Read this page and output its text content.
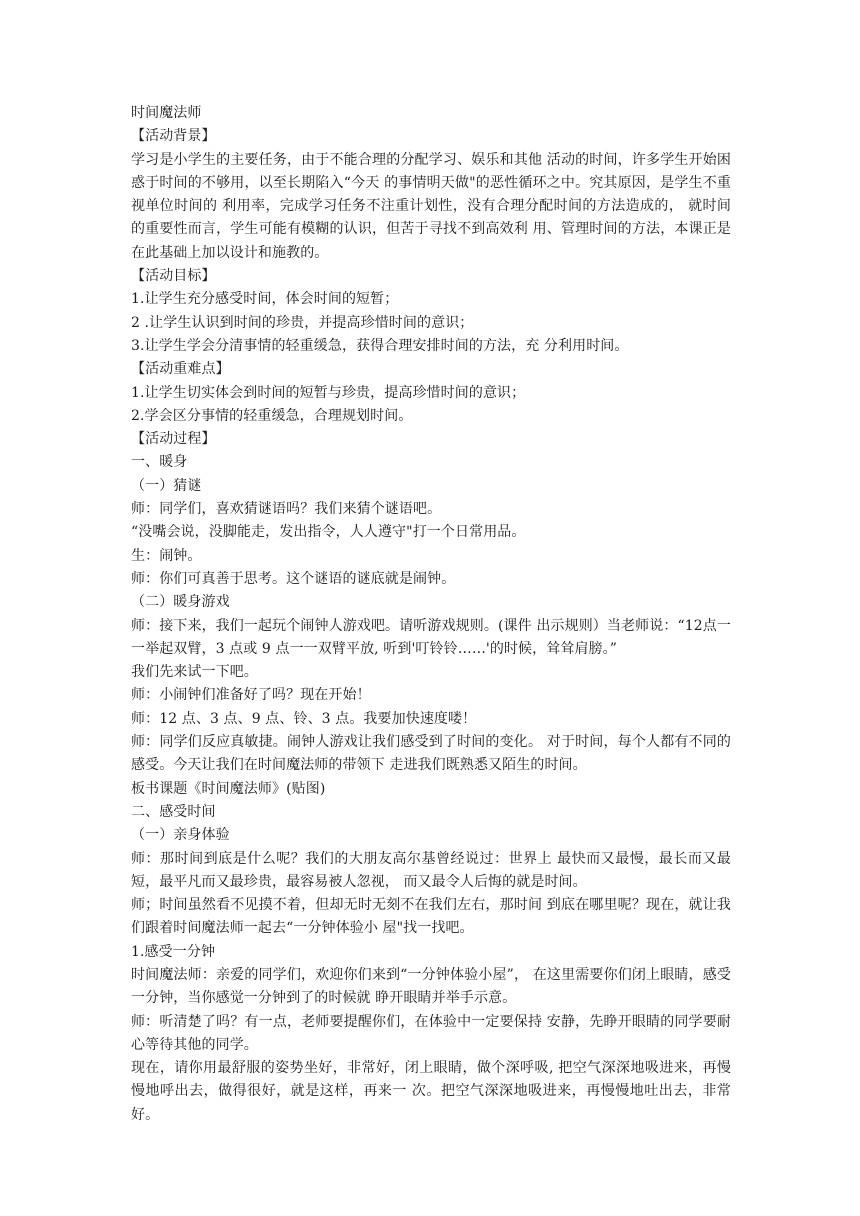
时间魔法师

【活动背景】

学习是小学生的主要任务，由于不能合理的分配学习、娱乐和其他 活动的时间，许多学生开始困惑于时间的不够用，以至长期陷入“今天 的事情明天做"的恶性循环之中。究其原因，是学生不重视单位时间的 利用率，完成学习任务不注重计划性，没有合理分配时间的方法造成的， 就时间的重要性而言，学生可能有模糊的认识，但苦于寻找不到高效利 用、管理时间的方法，本课正是在此基础上加以设计和施教的。

【活动目标】

1.让学生充分感受时间，体会时间的短暂；

2 .让学生认识到时间的珍贵，并提高珍惜时间的意识；

3.让学生学会分清事情的轻重缓急，获得合理安排时间的方法，充 分利用时间。

【活动重难点】

1.让学生切实体会到时间的短暂与珍贵，提高珍惜时间的意识；

2.学会区分事情的轻重缓急，合理规划时间。

【活动过程】

一、暖身

（一）猜谜

师：同学们，喜欢猜谜语吗？我们来猜个谜语吧。

“没嘴会说，没脚能走，发出指令，人人遵守"打一个日常用品。

生：闹钟。

师：你们可真善于思考。这个谜语的谜底就是闹钟。

（二）暖身游戏

师：接下来，我们一起玩个闹钟人游戏吧。请听游戏规则。(课件 出示规则）当老师说：“12点一一举起双臂，3 点或 9 点一一双臂平放, 听到'叮铃铃……'的时候，耸耸肩膀。”

我们先来试一下吧。

师：小闹钟们准备好了吗？现在开始！

师：12 点、3 点、9 点、铃、3 点。我要加快速度喽！

师：同学们反应真敏捷。闹钟人游戏让我们感受到了时间的变化。 对于时间，每个人都有不同的感受。今天让我们在时间魔法师的带领下 走进我们既熟悉又陌生的时间。

板书课题《时间魔法师》(贴图)

二、感受时间

（一）亲身体验

师：那时间到底是什么呢？我们的大朋友高尔基曾经说过：世界上 最快而又最慢，最长而又最短，最平凡而又最珍贵，最容易被人忽视， 而又最令人后悔的就是时间。

师；时间虽然看不见摸不着，但却无时无刻不在我们左右，那时间 到底在哪里呢？现在，就让我们跟着时间魔法师一起去“一分钟体验小 屋"找一找吧。

1.感受一分钟

时间魔法师：亲爱的同学们，欢迎你们来到“一分钟体验小屋”， 在这里需要你们闭上眼睛，感受一分钟，当你感觉一分钟到了的时候就 睁开眼睛并举手示意。

师：听清楚了吗？有一点，老师要提醒你们，在体验中一定要保持 安静，先睁开眼睛的同学要耐心等待其他的同学。

现在，请你用最舒服的姿势坐好，非常好，闭上眼睛，做个深呼吸, 把空气深深地吸进来，再慢慢地呼出去，做得很好，就是这样，再来一 次。把空气深深地吸进来，再慢慢地吐出去，非常好。
